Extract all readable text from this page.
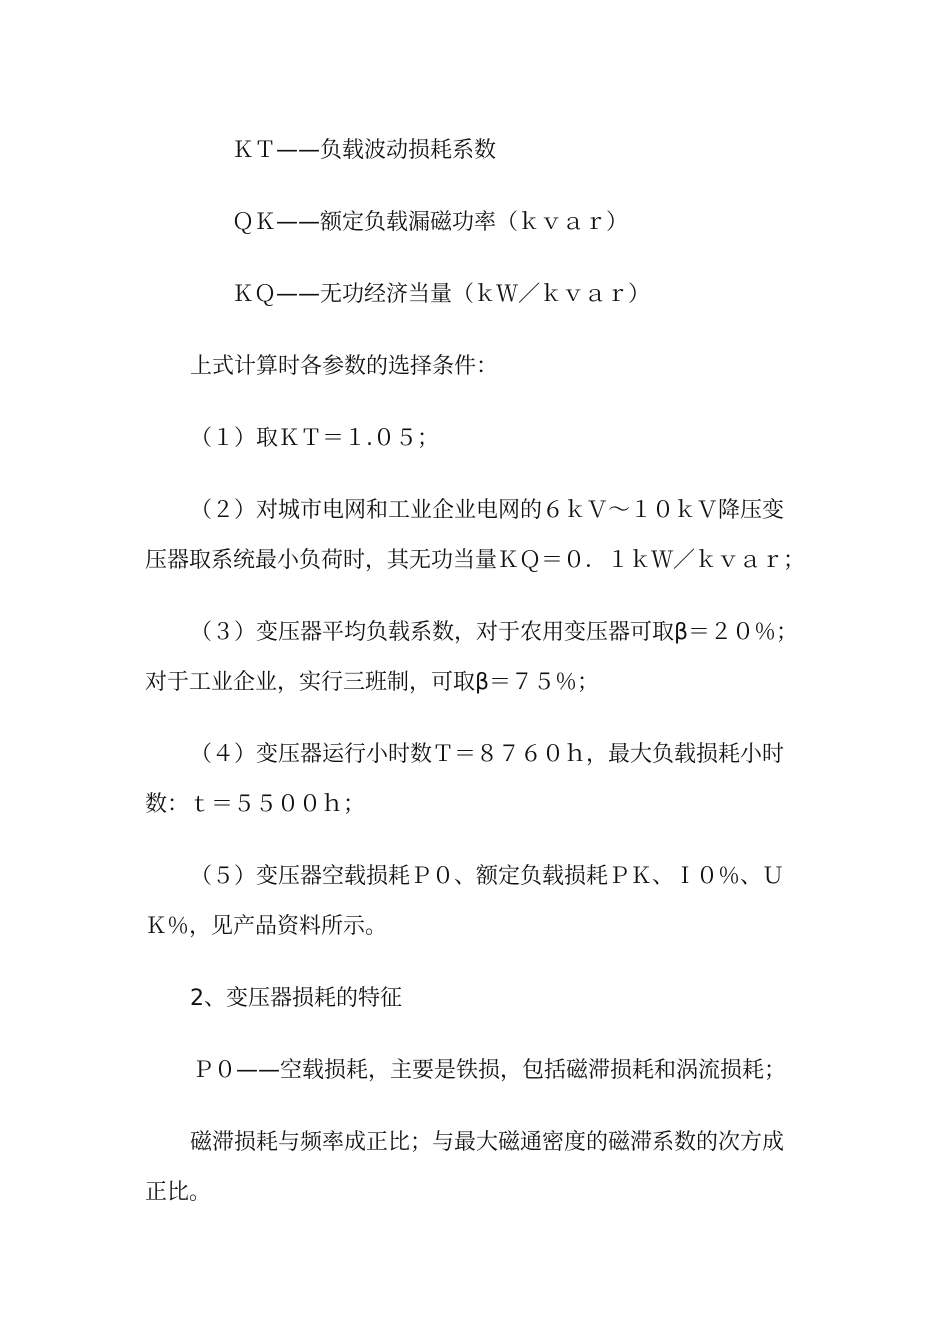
ＫＴ——负载波动损耗系数
ＱＫ——额定负载漏磁功率（ｋｖａｒ）
ＫＱ——无功经济当量（ｋＷ／ｋｖａｒ）
上式计算时各参数的选择条件：
（１）取ＫＴ＝１.０５；
（２）对城市电网和工业企业电网的６ｋＶ～１０ｋＶ降压变
压器取系统最小负荷时，其无功当量ＫＱ＝０．１ｋＷ／ｋｖａｒ；
（３）变压器平均负载系数，对于农用变压器可取β＝２０％；
对于工业企业，实行三班制，可取β＝７５％；
（４）变压器运行小时数Ｔ＝８７６０ｈ，最大负载损耗小时
数：ｔ＝５５００ｈ；
（５）变压器空载损耗Ｐ０、额定负载损耗ＰＫ、Ｉ０％、Ｕ
Ｋ％，见产品资料所示。
2、变压器损耗的特征
Ｐ０——空载损耗，主要是铁损，包括磁滞损耗和涡流损耗；
磁滞损耗与频率成正比；与最大磁通密度的磁滞系数的次方成
正比。
